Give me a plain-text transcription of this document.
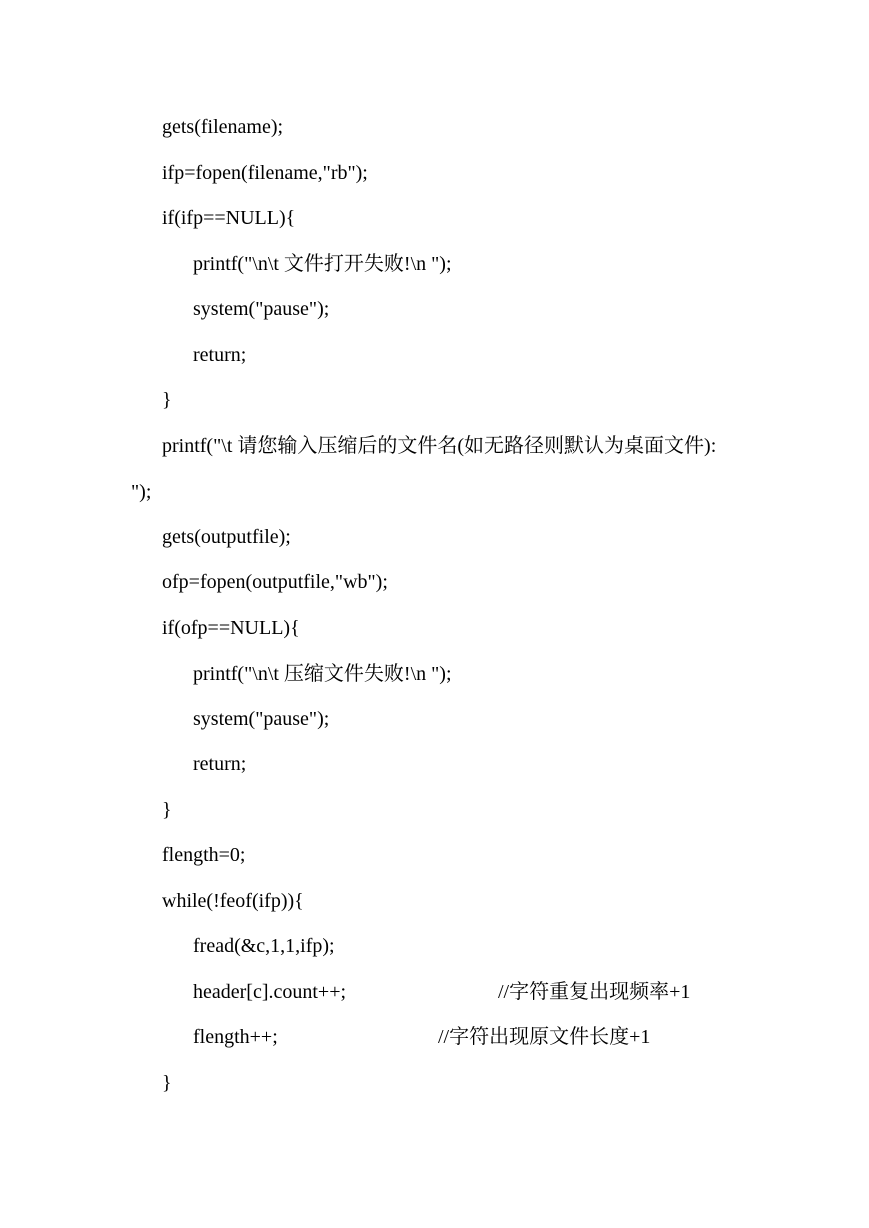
gets(filename);
ifp=fopen(filename,"rb");
if(ifp==NULL){
printf("\n\t 文件打开失败!\n ");
system("pause");
return;
}
printf("\t 请您输入压缩后的文件名(如无路径则默认为桌面文件):
");
gets(outputfile);
ofp=fopen(outputfile,"wb");
if(ofp==NULL){
printf("\n\t 压缩文件失败!\n ");
system("pause");
return;
}
flength=0;
while(!feof(ifp)){
fread(&c,1,1,ifp);
header[c].count++;	//字符重复出现频率+1
flength++;	//字符出现原文件长度+1
}
